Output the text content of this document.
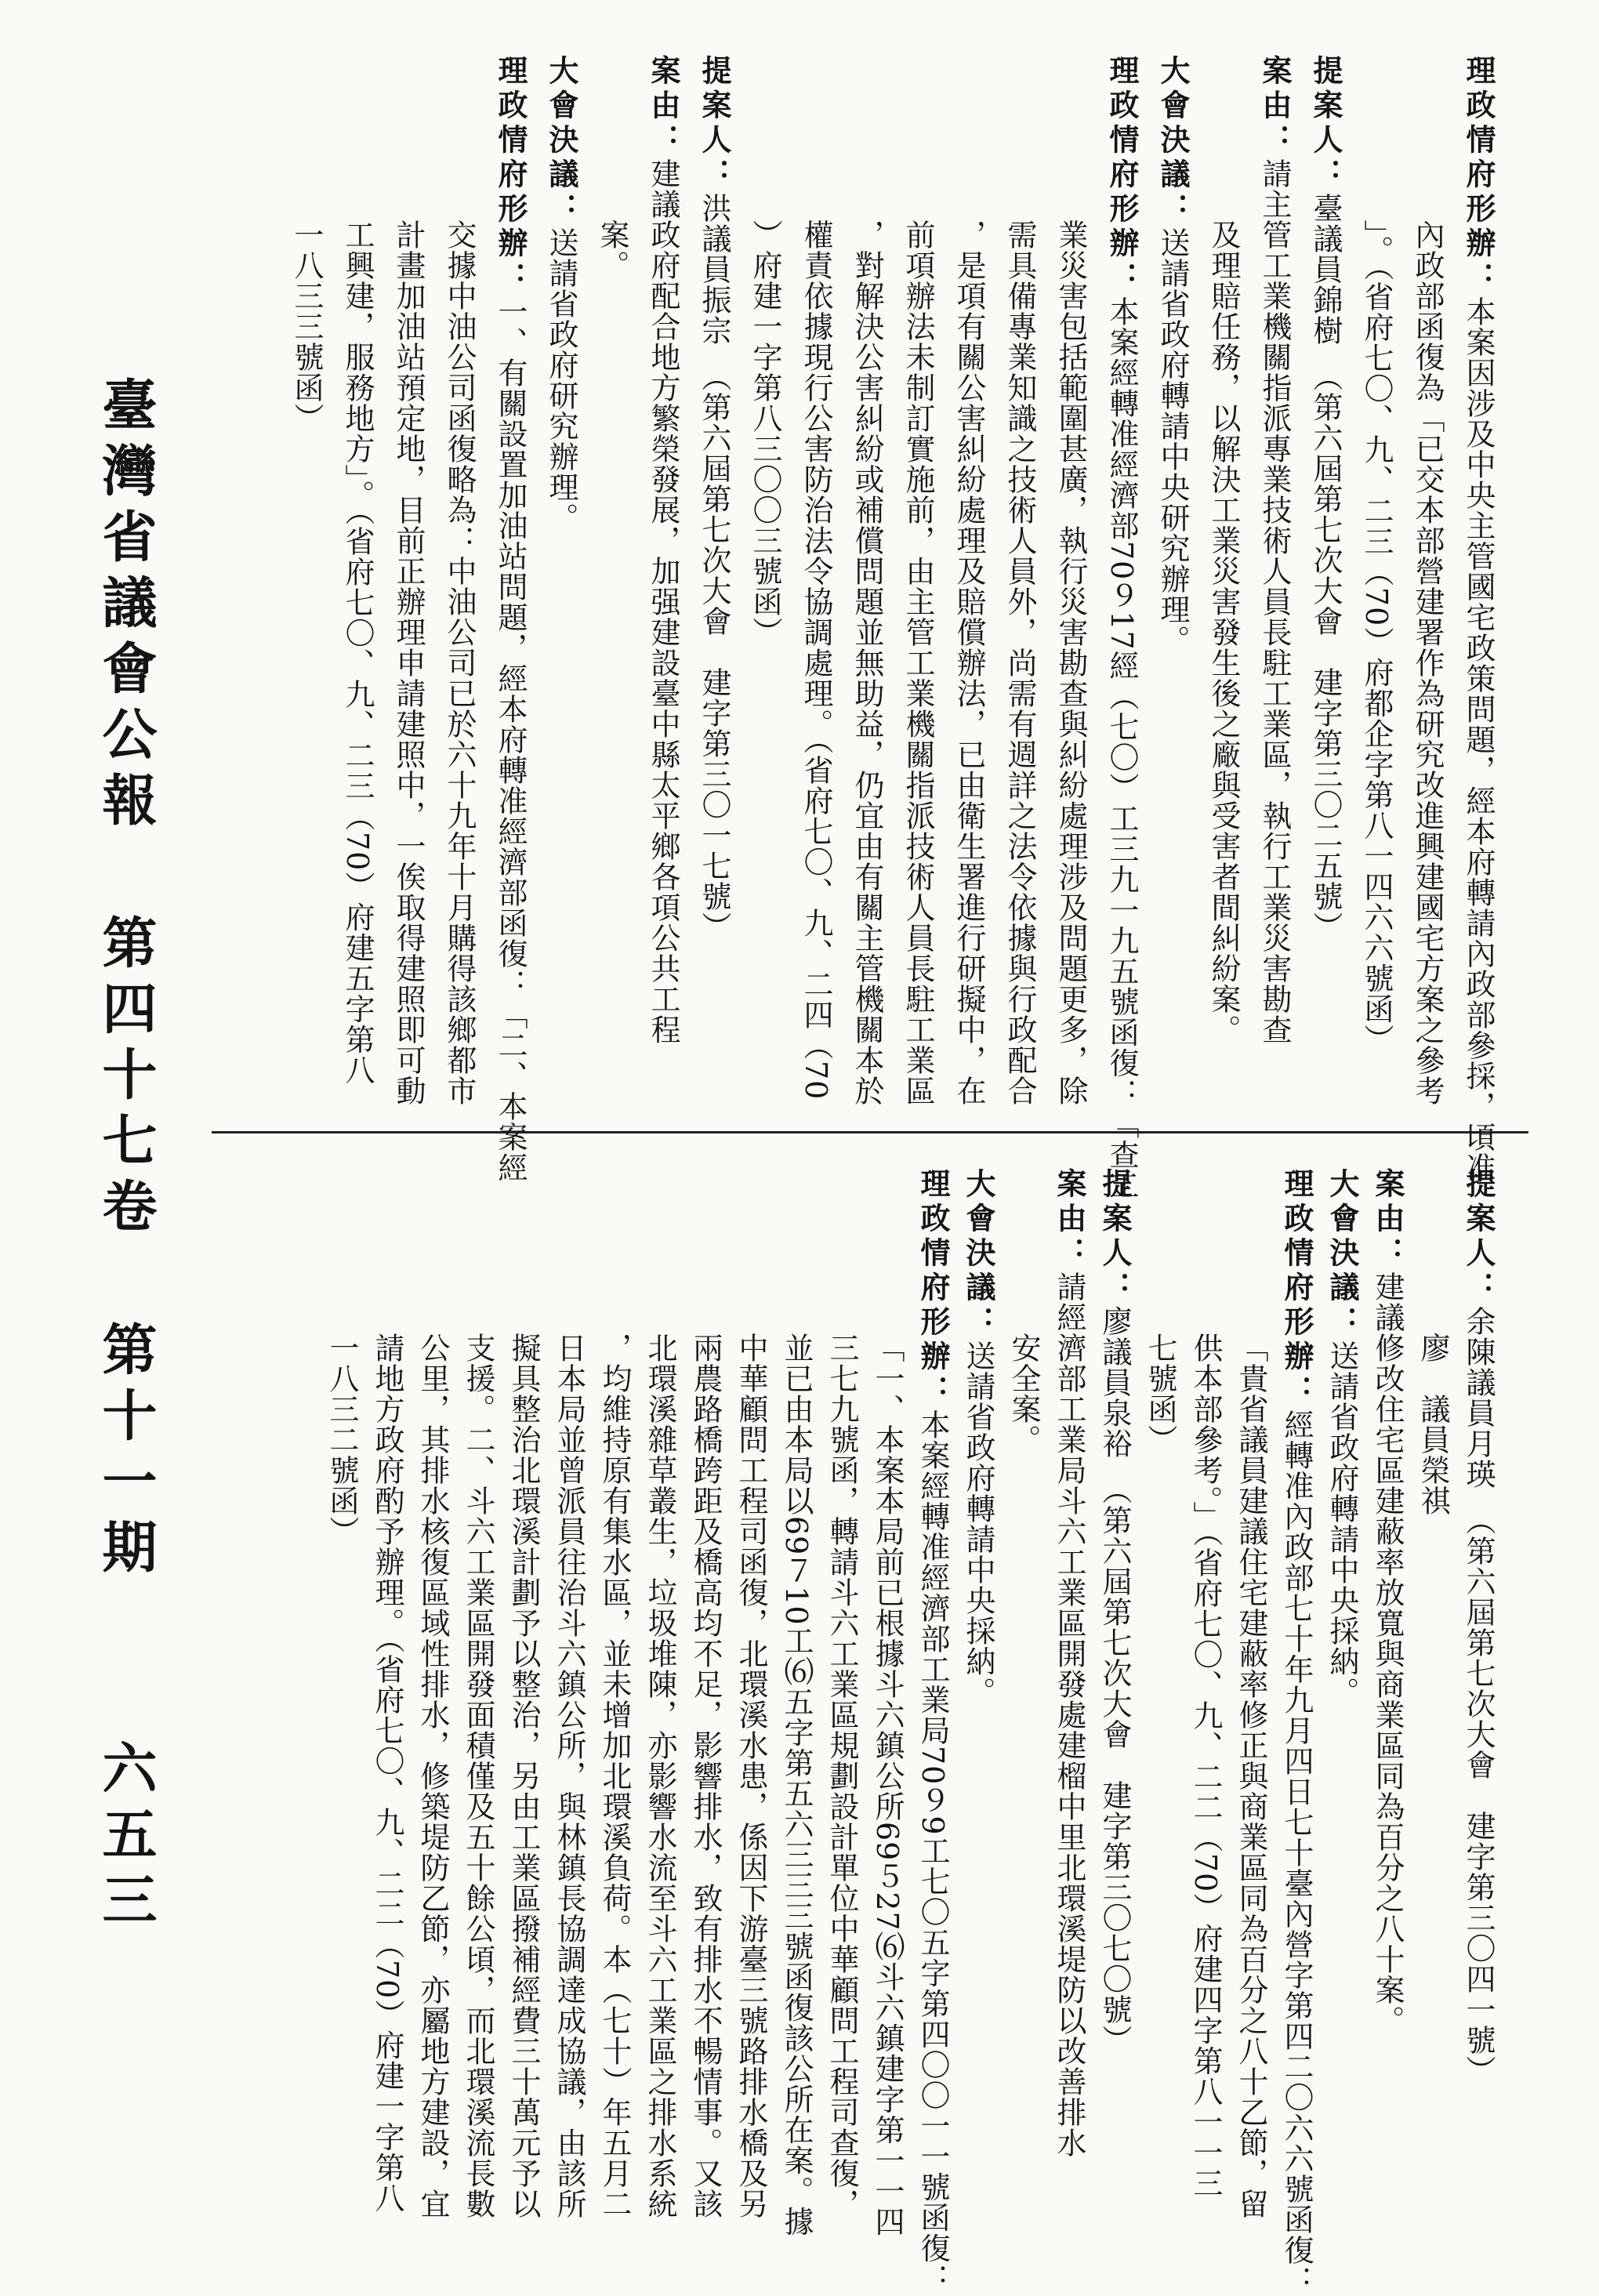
臺灣省議會公報 第四十七卷 第十一期 六五三
理政情府形辦：本案因涉及中央主管國宅政策問題，經本府轉請內政部參採，頃准
內政部函復為「已交本部營建署作為研究改進興建國宅方案之參考
」。（省府七〇、九、二三（70）府都企字第八一四六六號函）
提案人：臺議員錦樹　（第六屆第七次大會　建字第三〇二五號）
案由：請主管工業機關指派專業技術人員長駐工業區，執行工業災害勘查
及理賠任務，以解決工業災害發生後之廠與受害者間糾紛案。
大會決議：送請省政府轉請中央研究辦理。
理政情府形辦：本案經轉准經濟部70９17經（七〇）工三九一九五號函復：「查工
業災害包括範圍甚廣，執行災害勘查與糾紛處理涉及問題更多，除
需具備專業知識之技術人員外，尚需有週詳之法令依據與行政配合
，是項有關公害糾紛處理及賠償辦法，已由衛生署進行研擬中，在
前項辦法未制訂實施前，由主管工業機關指派技術人員長駐工業區
，對解決公害糾紛或補償問題並無助益，仍宜由有關主管機關本於
權責依據現行公害防治法令協調處理。（省府七〇、九、二四（70
）府建一字第八三〇〇三號函）
提案人：洪議員振宗　（第六屆第七次大會　建字第三〇一七號）
案由：建議政府配合地方繁榮發展，加强建設臺中縣太平鄉各項公共工程
案。
大會決議：送請省政府研究辦理。
理政情府形辦：一、有關設置加油站問題，經本府轉准經濟部函復：「二、本案經
交據中油公司函復略為：中油公司已於六十九年十月購得該鄉都市
計畫加油站預定地，目前正辦理申請建照中，一俟取得建照即可動
工興建，服務地方」。（省府七〇、九、二三（70）府建五字第八
一八三三號函）
提案人：余陳議員月瑛　（第六屆第七次大會　建字第三〇四一號）
廖　議員榮祺
案由：建議修改住宅區建蔽率放寬與商業區同為百分之八十案。
大會決議：送請省政府轉請中央採納。
理政情府形辦：經轉准內政部七十年九月四日七十臺內營字第四二〇六六號函復：
「貴省議員建議住宅建蔽率修正與商業區同為百分之八十乙節，留
供本部參考。」（省府七〇、九、二二（70）府建四字第八一一三
七號函）
提案人：廖議員泉裕　（第六屆第七次大會　建字第三〇七〇號）
案由：請經濟部工業局斗六工業區開發處建榴中里北環溪堤防以改善排水
安全案。
大會決議：送請省政府轉請中央採納。
理政情府形辦：本案經轉准經濟部工業局70９9工七〇五字第四〇〇一一號函復：
「一、本案本局前已根據斗六鎮公所69５27⑹斗六鎮建字第一一四
三七九號函，轉請斗六工業區規劃設計單位中華顧問工程司查復，
並已由本局以69７10工⑹五字第五六三三三號函復該公所在案。據
中華顧問工程司函復，北環溪水患，係因下游臺三號路排水橋及另
兩農路橋跨距及橋高均不足，影響排水，致有排水不暢情事。又該
北環溪雜草叢生，垃圾堆陳，亦影響水流至斗六工業區之排水系統
，均維持原有集水區，並未增加北環溪負荷。本（七十）年五月二
日本局並曾派員往治斗六鎮公所，與林鎮長協調達成協議，由該所
擬具整治北環溪計劃予以整治，另由工業區撥補經費三十萬元予以
支援。二、斗六工業區開發面積僅及五十餘公頃，而北環溪流長數
公里，其排水核復區域性排水，修築堤防乙節，亦屬地方建設，宜
請地方政府酌予辦理。（省府七〇、九、二二（70）府建一字第八
一八三二號函）
